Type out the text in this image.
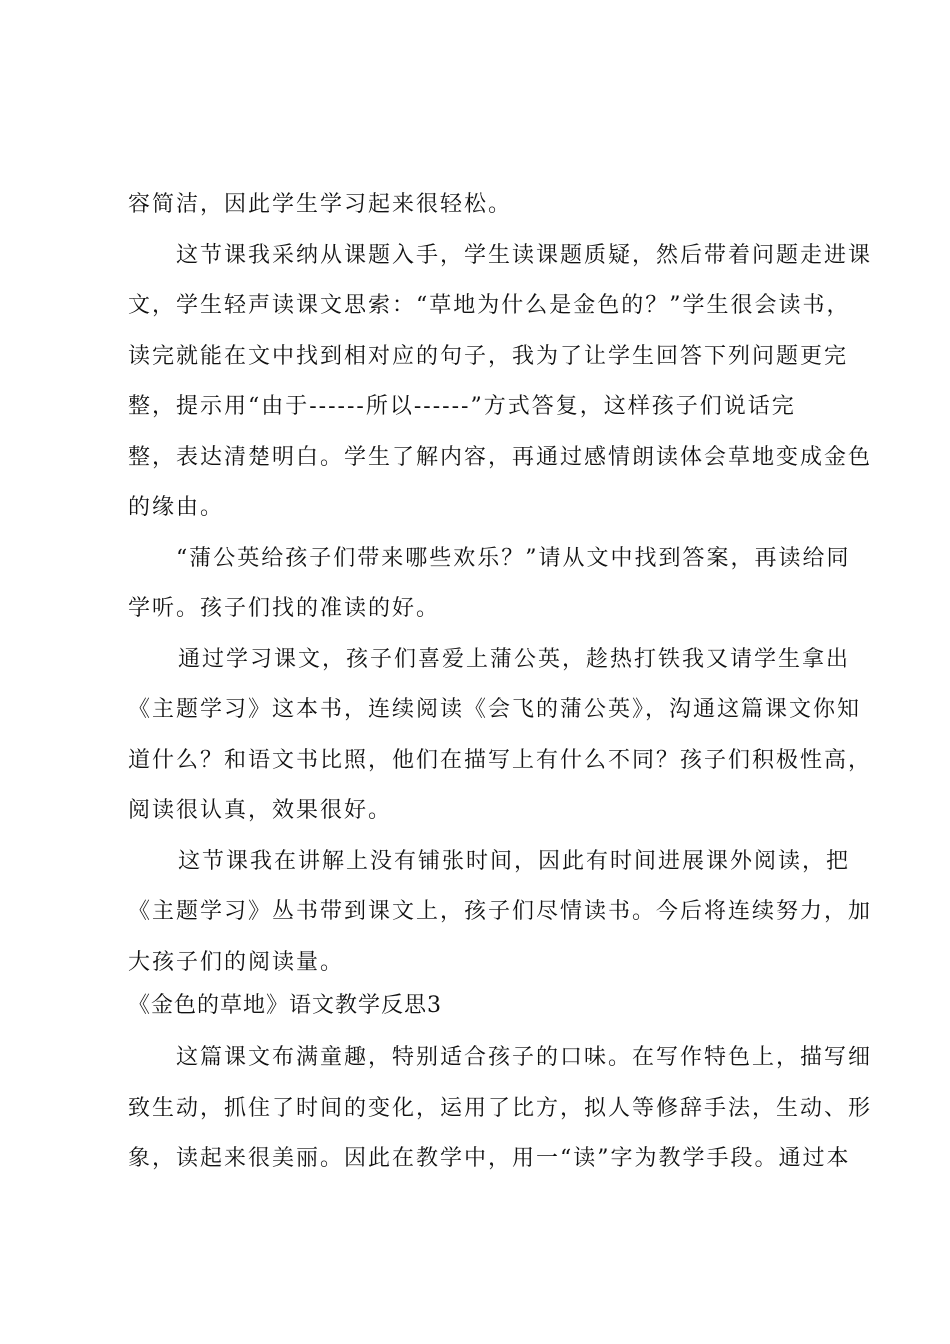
容简洁，因此学生学习起来很轻松。
这节课我采纳从课题入手，学生读课题质疑，然后带着问题走进课
文，学生轻声读课文思索：“草地为什么是金色的？”学生很会读书，
读完就能在文中找到相对应的句子，我为了让学生回答下列问题更完
整，提示用“由于------所以------”方式答复，这样孩子们说话完
整，表达清楚明白。学生了解内容，再通过感情朗读体会草地变成金色
的缘由。
“蒲公英给孩子们带来哪些欢乐？”请从文中找到答案，再读给同
学听。孩子们找的准读的好。
通过学习课文，孩子们喜爱上蒲公英，趁热打铁我又请学生拿出
《主题学习》这本书，连续阅读《会飞的蒲公英》，沟通这篇课文你知
道什么？和语文书比照，他们在描写上有什么不同？孩子们积极性高，
阅读很认真，效果很好。
这节课我在讲解上没有铺张时间，因此有时间进展课外阅读，把
《主题学习》丛书带到课文上，孩子们尽情读书。今后将连续努力，加
大孩子们的阅读量。
《金色的草地》语文教学反思3
这篇课文布满童趣，特别适合孩子的口味。在写作特色上，描写细
致生动，抓住了时间的变化，运用了比方，拟人等修辞手法，生动、形
象，读起来很美丽。因此在教学中，用一“读”字为教学手段。通过本
